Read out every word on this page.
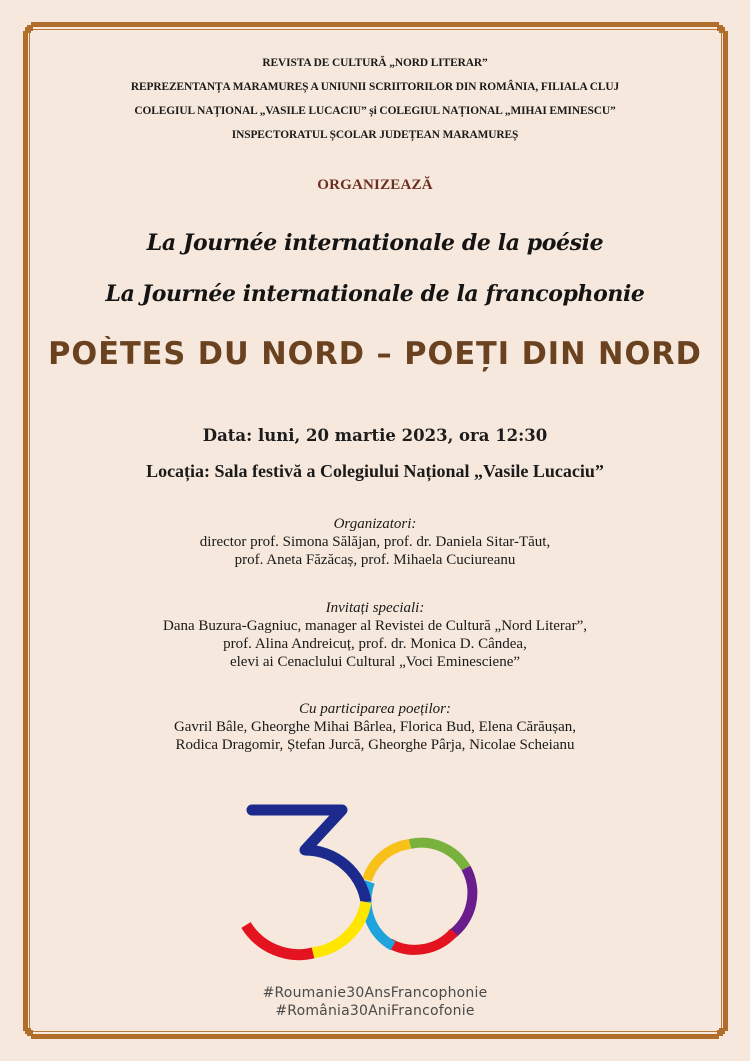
REVISTA DE CULTURĂ „NORD LITERAR”
REPREZENTANȚA MARAMUREȘ A UNIUNII SCRIITORILOR DIN ROMÂNIA, FILIALA CLUJ
COLEGIUL NAȚIONAL „VASILE LUCACIU” și COLEGIUL NAȚIONAL „MIHAI EMINESCU”
INSPECTORATUL ȘCOLAR JUDEȚEAN MARAMUREȘ
ORGANIZEAZĂ
La Journée internationale de la poésie
La Journée internationale de la francophonie
POÈTES DU NORD – POEȚI DIN NORD
Data: luni, 20 martie 2023, ora 12:30
Locația: Sala festivă a Colegiului Național „Vasile Lucaciu”
Organizatori:
director prof. Simona Sălăjan, prof. dr. Daniela Sitar-Tăut,
prof. Aneta Făzăcaș, prof. Mihaela Cuciureanu
Invitați speciali:
Dana Buzura-Gagniuc, manager al Revistei de Cultură „Nord Literar”,
prof. Alina Andreicuț, prof. dr. Monica D. Cândea,
elevi ai Cenaclului Cultural „Voci Eminesciene”
Cu participarea poeților:
Gavril Bâle, Gheorghe Mihai Bârlea, Florica Bud, Elena Cărăușan,
Rodica Dragomir, Ștefan Jurcă, Gheorghe Pârja, Nicolae Scheianu
#Roumanie30AnsFrancophonie
#România30AniFrancofonie
